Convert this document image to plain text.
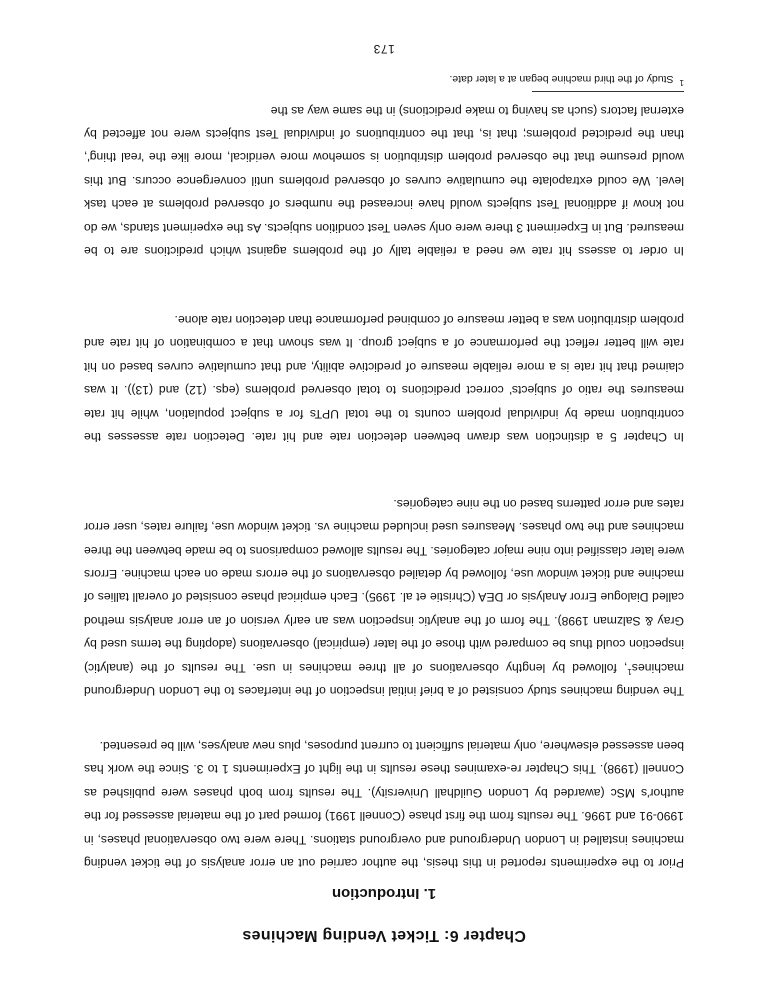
Chapter 6: Ticket Vending Machines
1. Introduction

Prior to the experiments reported in this thesis, the author carried out an error analysis of the ticket vending machines installed in London Underground and overground stations. There were two observational phases, in 1990-91 and 1996. The results from the first phase (Connell 1991) formed part of the material assessed for the author's MSc (awarded by London Guildhall University). The results from both phases were published as Connell (1998). This Chapter re-examines these results in the light of Experiments 1 to 3. Since the work has been assessed elsewhere, only material sufficient to current purposes, plus new analyses, will be presented.

The vending machines study consisted of a brief initial inspection of the interfaces to the London Underground machines$^1$, followed by lengthy observations of all three machines in use. The results of the (analytic) inspection could thus be compared with those of the later (empirical) observations (adopting the terms used by Gray & Salzman 1998). The form of the analytic inspection was an early version of an error analysis method called Dialogue Error Analysis or DEA (Christie et al. 1995). Each empirical phase consisted of overall tallies of machine and ticket window use, followed by detailed observations of the errors made on each machine. Errors were later classified into nine major categories. The results allowed comparisons to be made between the three machines and the two phases. Measures used included machine vs. ticket window use, failure rates, user error rates and error patterns based on the nine categories.

In Chapter 5 a distinction was drawn between detection rate and hit rate. Detection rate assesses the contribution made by individual problem counts to the total UPTs for a subject population, while hit rate measures the ratio of subjects' correct predictions to total observed problems (eqs. (12) and (13)). It was claimed that hit rate is a more reliable measure of predictive ability, and that cumulative curves based on hit rate will better reflect the performance of a subject group. It was shown that a combination of hit rate and problem distribution was a better measure of combined performance than detection rate alone.

In order to assess hit rate we need a reliable tally of the problems against which predictions are to be measured. But in Experiment 3 there were only seven Test condition subjects. As the experiment stands, we do not know if additional Test subjects would have increased the numbers of observed problems at each task level. We could extrapolate the cumulative curves of observed problems until convergence occurs. But this would presume that the observed problem distribution is somehow more veridical, more like the 'real thing', than the predicted problems; that is, that the contributions of individual Test subjects were not affected by external factors (such as having to make predictions) in the same way as the

$^1$Study of the third machine began at a later date.
173
